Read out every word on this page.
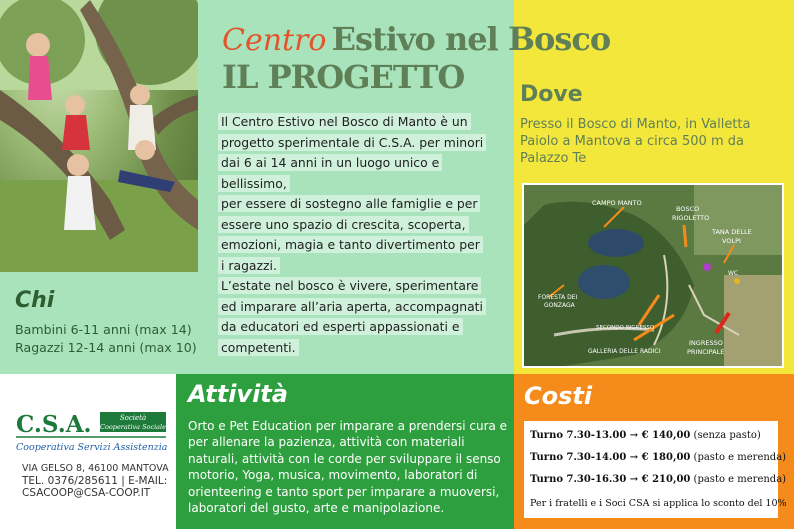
Centro Estivo nel Bosco
IL PROGETTO
Il Centro Estivo nel Bosco di Manto è un
progetto sperimentale di C.S.A. per minori
dai 6 ai 14 anni in un luogo unico e bellissimo,
per essere di sostegno alle famiglie e per
essere uno spazio di crescita, scoperta,
emozioni, magia e tanto divertimento per
i ragazzi.
L’estate nel bosco è vivere, sperimentare
ed imparare all’aria aperta, accompagnati
da educatori ed esperti appassionati e
competenti.
Chi
Bambini 6-11 anni (max 14)
Ragazzi 12-14 anni (max 10)
Dove
Presso il Bosco di Manto, in Valletta Paiolo a Mantova a circa 500 m da Palazzo Te
CAMPO MANTO
BOSCO
RIGOLETTO
TANA DELLE
VOLPI
WC
FORESTA DEI
GONZAGA
SECONDO INGRESSO
GALLERIA DELLE RADICI
INGRESSO
PRINCIPALE
C.S.A.	Società
Cooperativa Sociale
Cooperativa Servizi Assistenziali
VIA GELSO 8, 46100 MANTOVA
TEL. 0376/285611 | E-MAIL:
CSACOOP@CSA-COOP.IT
Attività
Orto e Pet Education per imparare a prendersi cura e per allenare la pazienza, attività con materiali naturali, attività con le corde per sviluppare il senso motorio, Yoga, musica, movimento, laboratori di orienteering e tanto sport per imparare a muoversi, laboratori del gusto, arte e manipolazione.
Costi
Turno 7.30-13.00 → € 140,00 (senza pasto)
Turno 7.30-14.00 → € 180,00 (pasto e merenda)
Turno 7.30-16.30 → € 210,00 (pasto e merenda)
Per i fratelli e i Soci CSA si applica lo sconto del 10%
